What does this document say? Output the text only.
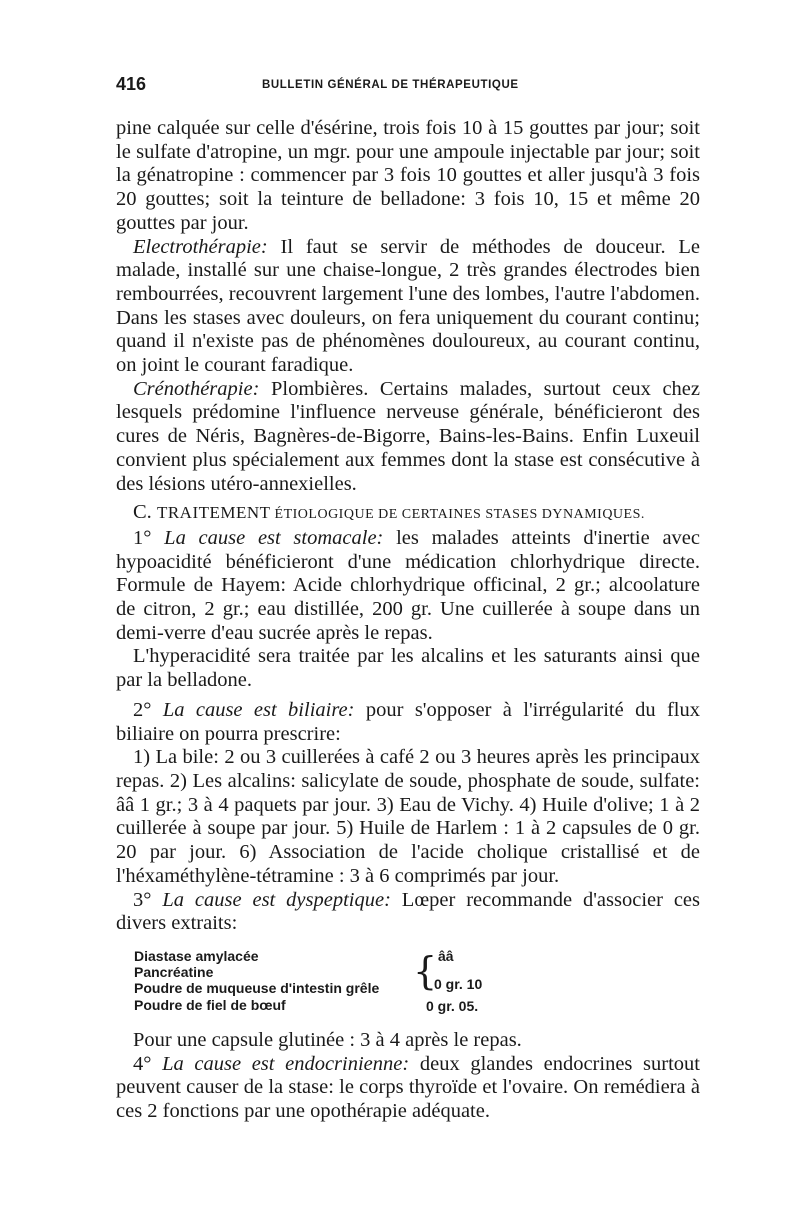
416	BULLETIN GÉNÉRAL DE THÉRAPEUTIQUE

pine calquée sur celle d'ésérine, trois fois 10 à 15 gouttes par jour; soit le sulfate d'atropine, un mgr. pour une ampoule injectable par jour; soit la génatropine : commencer par 3 fois 10 gouttes et aller jusqu'à 3 fois 20 gouttes; soit la teinture de belladone: 3 fois 10, 15 et même 20 gouttes par jour.

Electrothérapie: Il faut se servir de méthodes de douceur. Le malade, installé sur une chaise-longue, 2 très grandes électrodes bien rembourrées, recouvrent largement l'une des lombes, l'autre l'abdomen. Dans les stases avec douleurs, on fera uniquement du courant continu; quand il n'existe pas de phénomènes douloureux, au courant continu, on joint le courant faradique.

Crénothérapie: Plombières. Certains malades, surtout ceux chez lesquels prédomine l'influence nerveuse générale, bénéficieront des cures de Néris, Bagnères-de-Bigorre, Bains-les-Bains. Enfin Luxeuil convient plus spécialement aux femmes dont la stase est consécutive à des lésions utéro-annexielles.

C. TRAITEMENT ÉTIOLOGIQUE DE CERTAINES STASES DYNAMIQUES.

1° La cause est stomacale: les malades atteints d'inertie avec hypoacidité bénéficieront d'une médication chlorhydrique directe. Formule de Hayem: Acide chlorhydrique officinal, 2 gr.; alcoolature de citron, 2 gr.; eau distillée, 200 gr. Une cuillerée à soupe dans un demi-verre d'eau sucrée après le repas.

L'hyperacidité sera traitée par les alcalins et les saturants ainsi que par la belladone.

2° La cause est biliaire: pour s'opposer à l'irrégularité du flux biliaire on pourra prescrire:

1) La bile: 2 ou 3 cuillerées à café 2 ou 3 heures après les principaux repas. 2) Les alcalins: salicylate de soude, phosphate de soude, sulfate: ââ 1 gr.; 3 à 4 paquets par jour. 3) Eau de Vichy. 4) Huile d'olive; 1 à 2 cuillerée à soupe par jour. 5) Huile de Harlem : 1 à 2 capsules de 0 gr. 20 par jour. 6) Association de l'acide cholique cristallisé et de l'héxaméthylène-tétramine : 3 à 6 comprimés par jour.

3° La cause est dyspeptique: Lœper recommande d'associer ces divers extraits:

Diastase amylacée
Pancréatine
Poudre de muqueuse d'intestin grêle
Poudre de fiel de bœuf
{ ââ
0 gr. 10
0 gr. 05.

Pour une capsule glutinée : 3 à 4 après le repas.

4° La cause est endocrinienne: deux glandes endocrines surtout peuvent causer de la stase: le corps thyroïde et l'ovaire. On remédiera à ces 2 fonctions par une opothérapie adéquate.
